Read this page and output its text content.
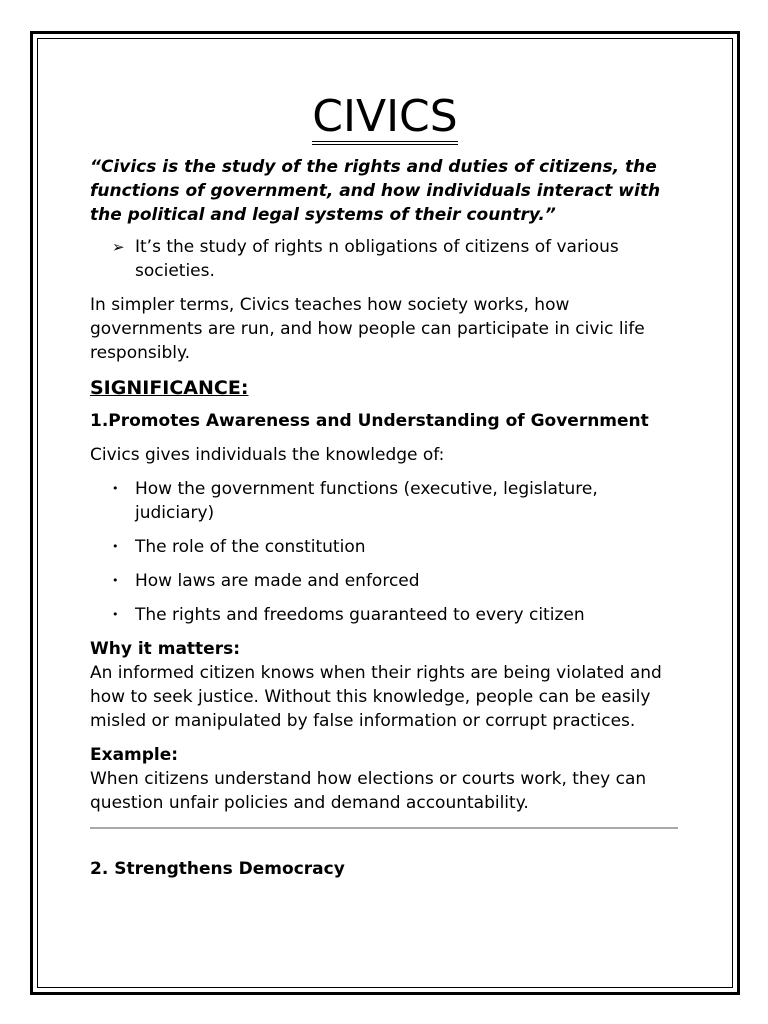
CIVICS

“Civics is the study of the rights and duties of citizens, the functions of government, and how individuals interact with the political and legal systems of their country.”

➢ It’s the study of rights n obligations of citizens of various societies.

In simpler terms, Civics teaches how society works, how governments are run, and how people can participate in civic life responsibly.

SIGNIFICANCE:

1.Promotes Awareness and Understanding of Government

Civics gives individuals the knowledge of:

• How the government functions (executive, legislature, judiciary)
• The role of the constitution
• How laws are made and enforced
• The rights and freedoms guaranteed to every citizen

Why it matters:
An informed citizen knows when their rights are being violated and how to seek justice. Without this knowledge, people can be easily misled or manipulated by false information or corrupt practices.

Example:
When citizens understand how elections or courts work, they can question unfair policies and demand accountability.

2. Strengthens Democracy
